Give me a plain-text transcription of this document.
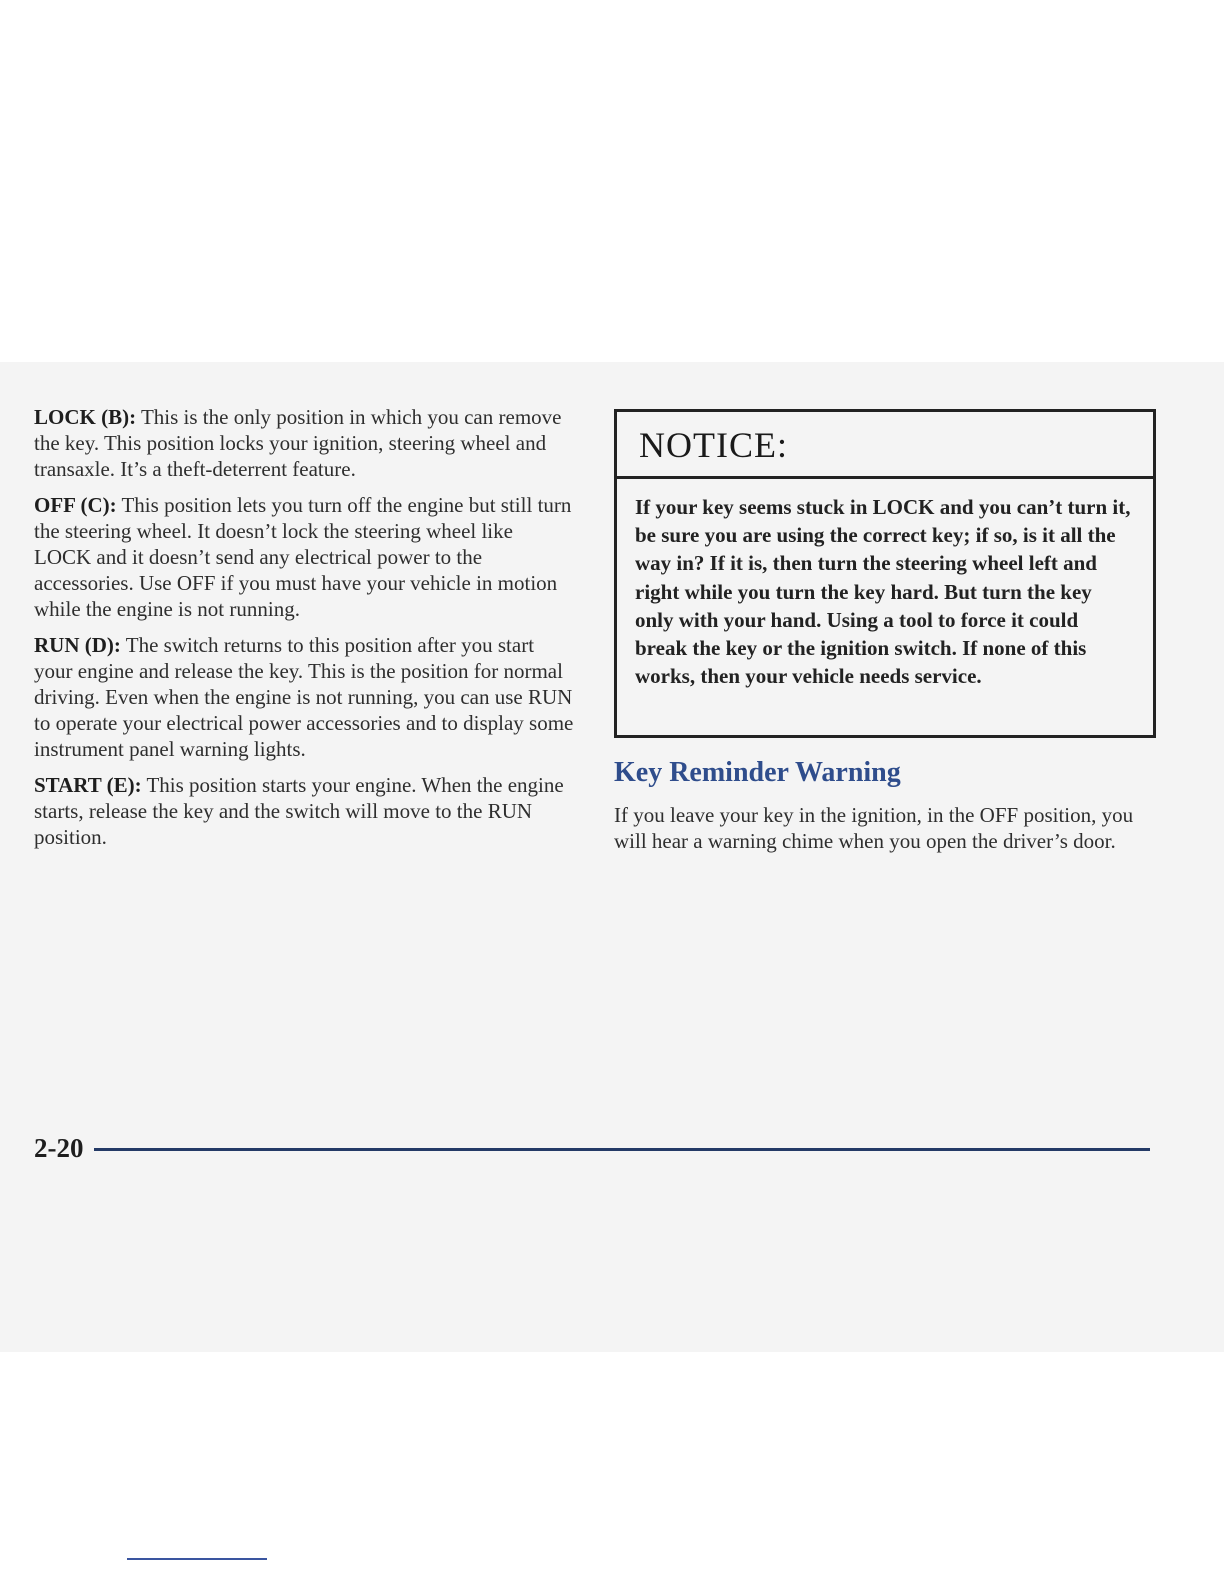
LOCK (B): This is the only position in which you can remove the key. This position locks your ignition, steering wheel and transaxle. It’s a theft-deterrent feature.

OFF (C): This position lets you turn off the engine but still turn the steering wheel. It doesn’t lock the steering wheel like LOCK and it doesn’t send any electrical power to the accessories. Use OFF if you must have your vehicle in motion while the engine is not running.

RUN (D): The switch returns to this position after you start your engine and release the key. This is the position for normal driving. Even when the engine is not running, you can use RUN to operate your electrical power accessories and to display some instrument panel warning lights.

START (E): This position starts your engine. When the engine starts, release the key and the switch will move to the RUN position.

NOTICE:

If your key seems stuck in LOCK and you can’t turn it, be sure you are using the correct key; if so, is it all the way in? If it is, then turn the steering wheel left and right while you turn the key hard. But turn the key only with your hand. Using a tool to force it could break the key or the ignition switch. If none of this works, then your vehicle needs service.

Key Reminder Warning

If you leave your key in the ignition, in the OFF position, you will hear a warning chime when you open the driver’s door.

2-20
